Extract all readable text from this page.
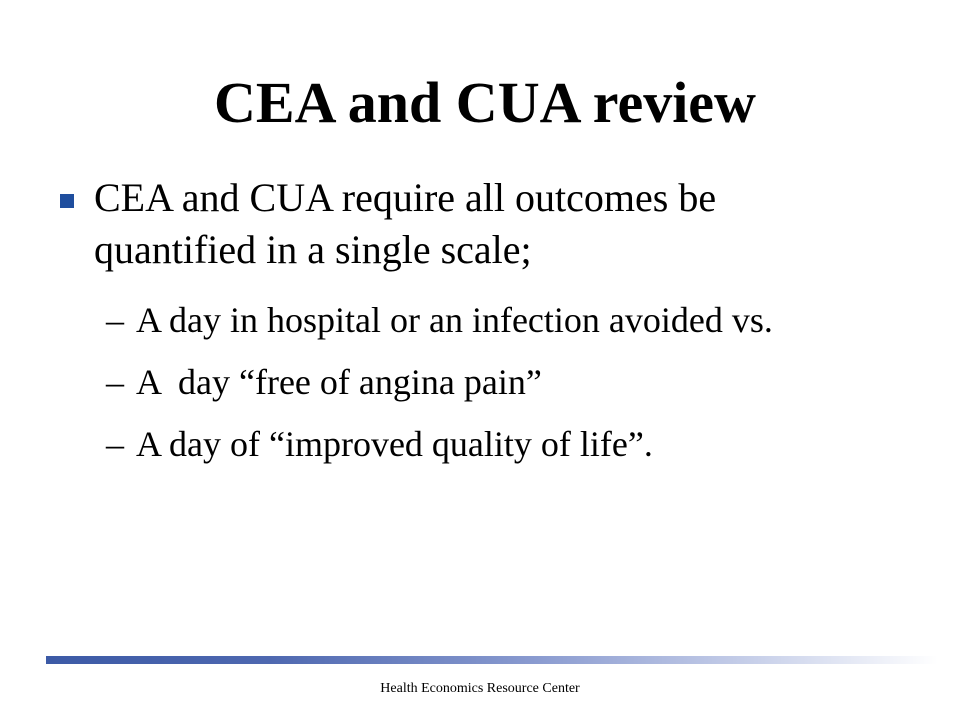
CEA and CUA review
CEA and CUA require all outcomes be
quantified in a single scale;
– A day in hospital or an infection avoided vs.
– A  day “free of angina pain”
– A day of “improved quality of life”.
Health Economics Resource Center
